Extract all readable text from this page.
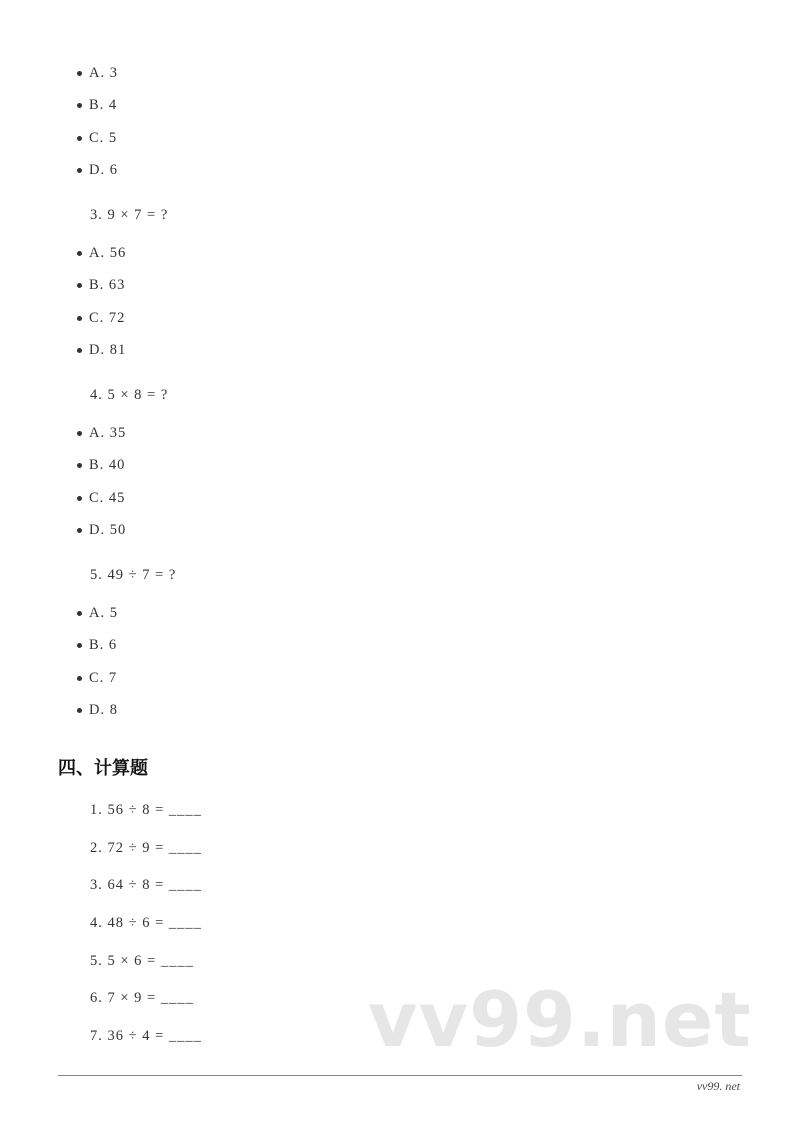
A. 3
B. 4
C. 5
D. 6
3. 9 × 7 = ?
A. 56
B. 63
C. 72
D. 81
4. 5 × 8 = ?
A. 35
B. 40
C. 45
D. 50
5. 49 ÷ 7 = ?
A. 5
B. 6
C. 7
D. 8
四、计算题
1. 56 ÷ 8 = ____
2. 72 ÷ 9 = ____
3. 64 ÷ 8 = ____
4. 48 ÷ 6 = ____
5. 5 × 6 = ____
6. 7 × 9 = ____
7. 36 ÷ 4 = ____ vv99.net
vv99. net
